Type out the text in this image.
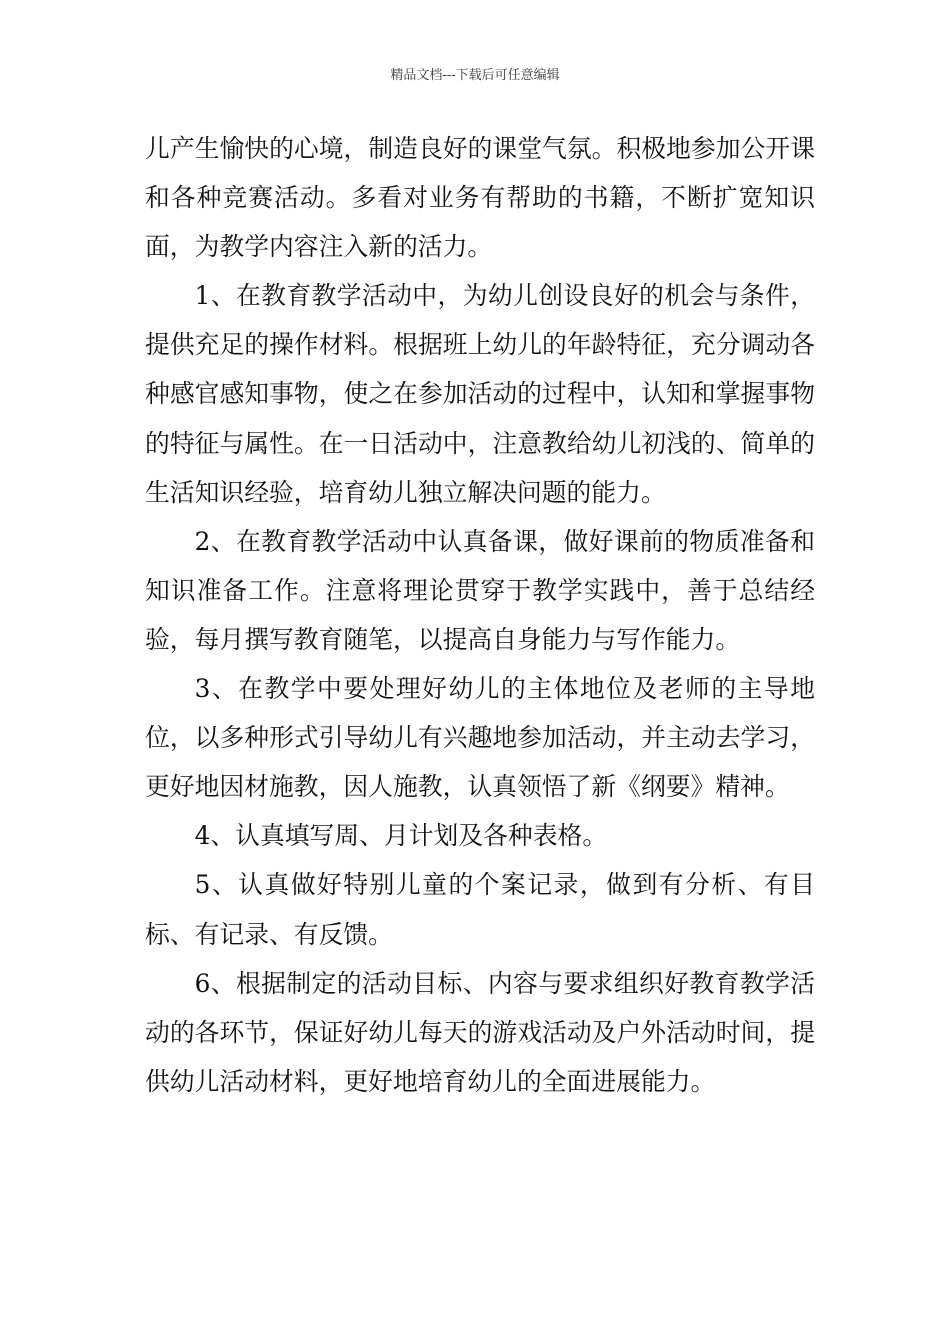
精品文档---下载后可任意编辑

儿产生愉快的心境，制造良好的课堂气氛。积极地参加公开课和各种竞赛活动。多看对业务有帮助的书籍，不断扩宽知识面，为教学内容注入新的活力。

1、在教育教学活动中，为幼儿创设良好的机会与条件，提供充足的操作材料。根据班上幼儿的年龄特征，充分调动各种感官感知事物，使之在参加活动的过程中，认知和掌握事物的特征与属性。在一日活动中，注意教给幼儿初浅的、简单的生活知识经验，培育幼儿独立解决问题的能力。

2、在教育教学活动中认真备课，做好课前的物质准备和知识准备工作。注意将理论贯穿于教学实践中，善于总结经验，每月撰写教育随笔，以提高自身能力与写作能力。

3、在教学中要处理好幼儿的主体地位及老师的主导地位，以多种形式引导幼儿有兴趣地参加活动，并主动去学习，更好地因材施教，因人施教，认真领悟了新《纲要》精神。

4、认真填写周、月计划及各种表格。

5、认真做好特别儿童的个案记录，做到有分析、有目标、有记录、有反馈。

6、根据制定的活动目标、内容与要求组织好教育教学活动的各环节，保证好幼儿每天的游戏活动及户外活动时间，提供幼儿活动材料，更好地培育幼儿的全面进展能力。
